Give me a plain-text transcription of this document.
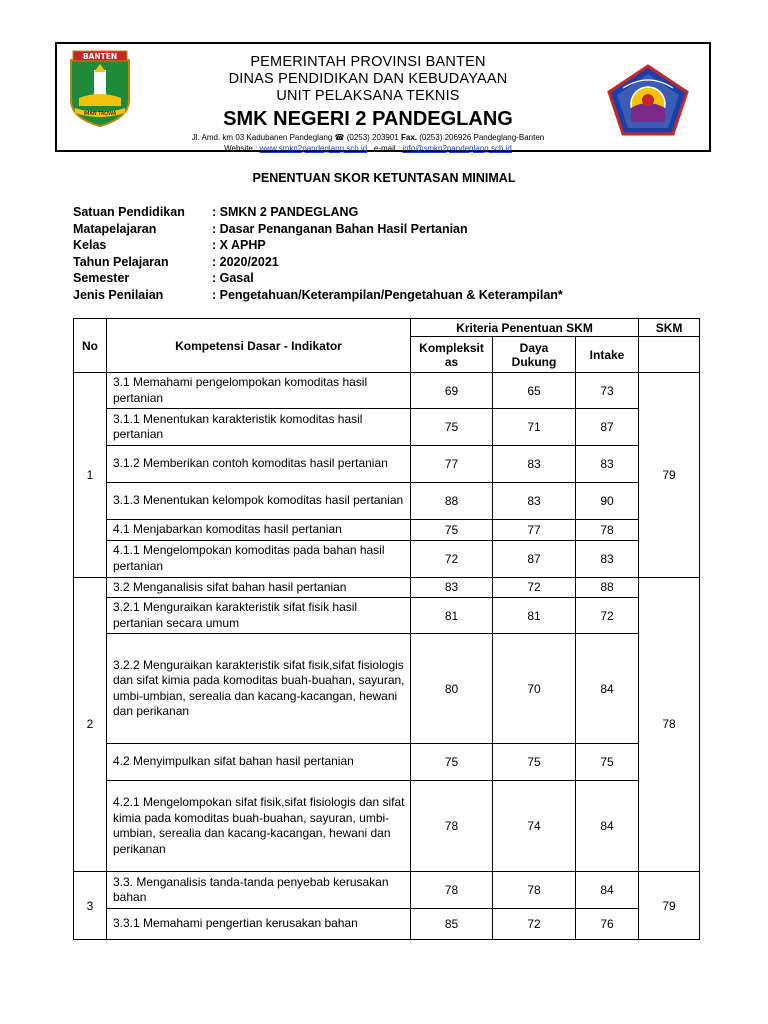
BANTEN
IMAN TAQWA
PEMERINTAH PROVINSI BANTEN
DINAS PENDIDIKAN DAN KEBUDAYAAN
UNIT PELAKSANA TEKNIS
SMK NEGERI 2 PANDEGLANG
Jl. Amd. km 03 Kadubanen Pandeglang ☎ (0253) 203901 Fax. (0253) 206926 Pandeglang-Banten
Website : www.smkn2pandeglang.sch.id , e-mail : info@smkn2pandeglang.sch.id
PENENTUAN SKOR KETUNTASAN MINIMAL
Satuan Pendidikan : SMKN 2 PANDEGLANG
Matapelajaran	: Dasar Penanganan Bahan Hasil Pertanian
Kelas	: X APHP
Tahun Pelajaran	: 2020/2021
Semester	: Gasal
Jenis Penilaian	: Pengetahuan/Keterampilan/Pengetahuan & Keterampilan*
No	Kompetensi Dasar - Indikator	Kriteria Penentuan SKM			SKM
		Kompleksitas	Daya Dukung	Intake	
1	3.1 Memahami pengelompokan komoditas hasil pertanian	69	65	73	79
	3.1.1 Menentukan karakteristik komoditas hasil pertanian	75	71	87	
	3.1.2 Memberikan contoh komoditas hasil pertanian	77	83	83	
	3.1.3 Menentukan kelompok komoditas hasil pertanian	88	83	90	
	4.1 Menjabarkan komoditas hasil pertanian	75	77	78	
	4.1.1 Mengelompokan komoditas pada bahan hasil pertanian	72	87	83	
2	3.2 Menganalisis sifat bahan hasil pertanian	83	72	88	78
	3.2.1 Menguraikan karakteristik sifat fisik hasil pertanian secara umum	81	81	72	
	3.2.2 Menguraikan karakteristik sifat fisik,sifat fisiologis dan sifat kimia pada komoditas buah-buahan, sayuran, umbi-umbian, serealia dan kacang-kacangan, hewani dan perikanan	80	70	84	
	4.2 Menyimpulkan sifat bahan hasil pertanian	75	75	75	
	4.2.1 Mengelompokan sifat fisik,sifat fisiologis dan sifat kimia pada komoditas buah-buahan, sayuran, umbi-umbian, serealia dan kacang-kacangan, hewani dan perikanan	78	74	84	
3	3.3. Menganalisis tanda-tanda penyebab kerusakan bahan	78	78	84	79
	3.3.1 Memahami pengertian kerusakan bahan	85	72	76	
